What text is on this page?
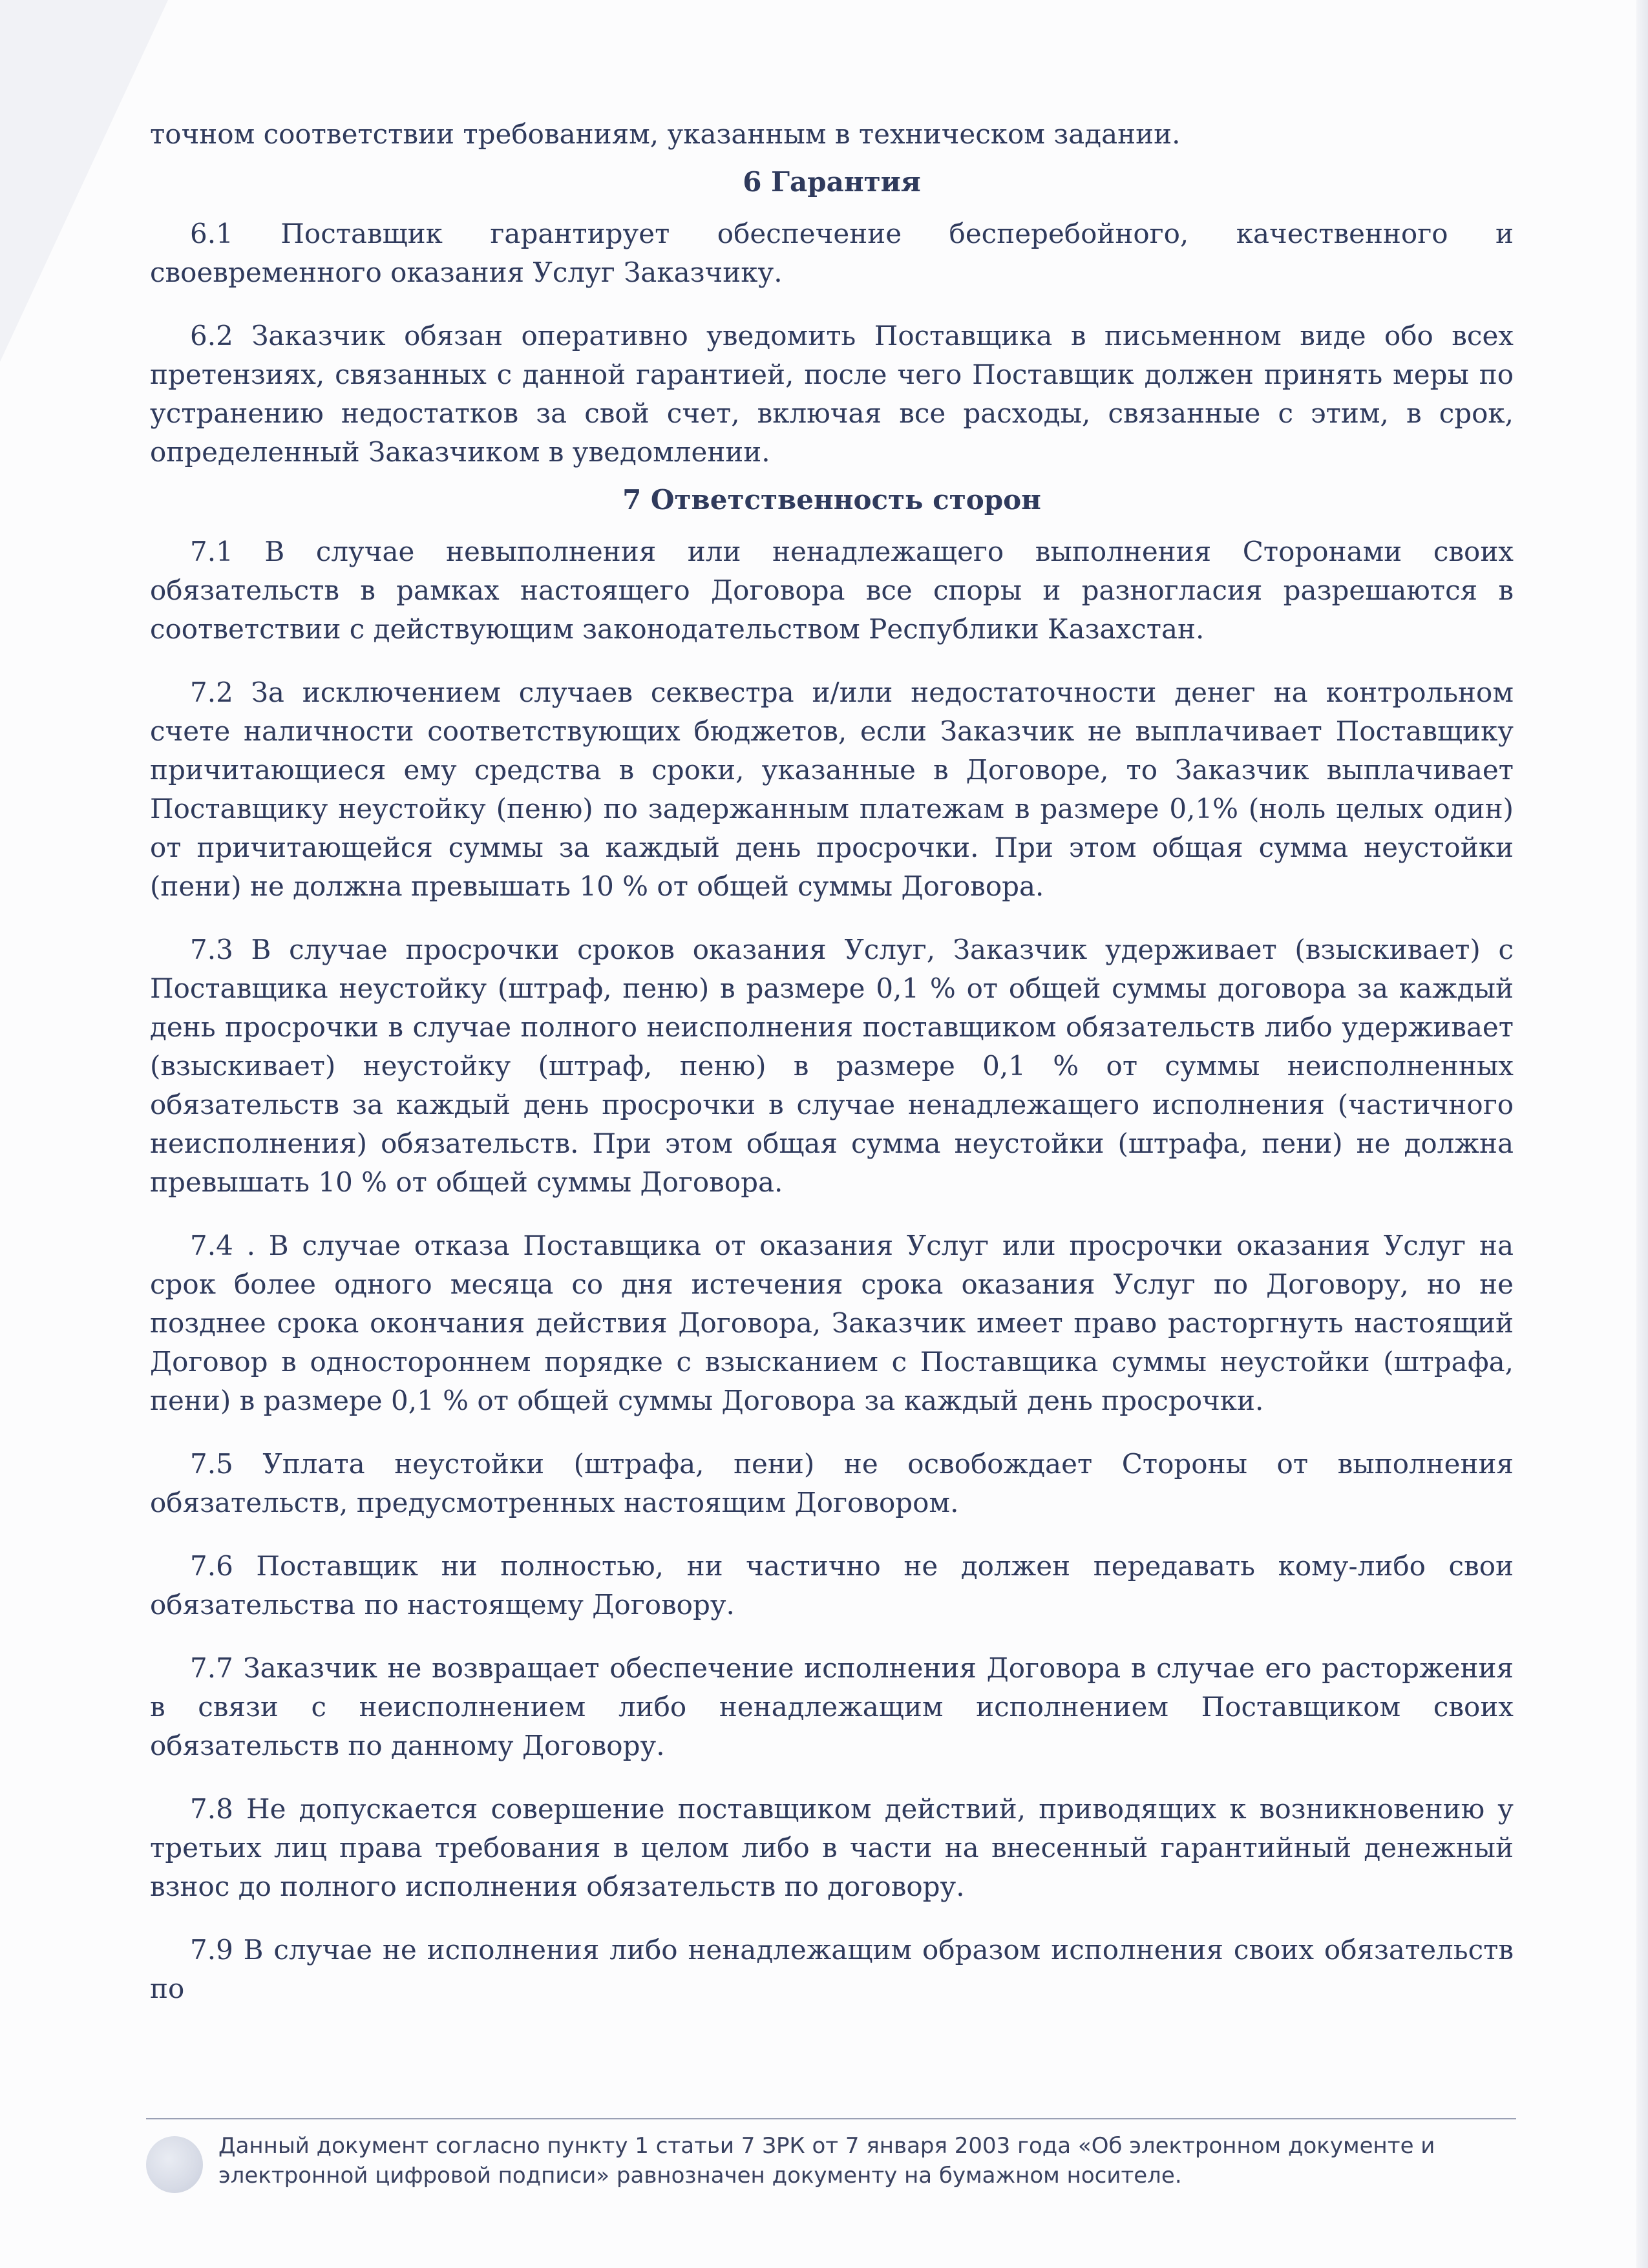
точном соответствии требованиям, указанным в техническом задании.

6 Гарантия

6.1 Поставщик гарантирует обеспечение бесперебойного, качественного и своевременного оказания Услуг Заказчику.

6.2 Заказчик обязан оперативно уведомить Поставщика в письменном виде обо всех претензиях, связанных с данной гарантией, после чего Поставщик должен принять меры по устранению недостатков за свой счет, включая все расходы, связанные с этим, в срок, определенный Заказчиком в уведомлении.

7 Ответственность сторон

7.1 В случае невыполнения или ненадлежащего выполнения Сторонами своих обязательств в рамках настоящего Договора все споры и разногласия разрешаются в соответствии с действующим законодательством Республики Казахстан.

7.2 За исключением случаев секвестра и/или недостаточности денег на контрольном счете наличности соответствующих бюджетов, если Заказчик не выплачивает Поставщику причитающиеся ему средства в сроки, указанные в Договоре, то Заказчик выплачивает Поставщику неустойку (пеню) по задержанным платежам в размере 0,1% (ноль целых один) от причитающейся суммы за каждый день просрочки. При этом общая сумма неустойки (пени) не должна превышать 10 % от общей суммы Договора.

7.3 В случае просрочки сроков оказания Услуг, Заказчик удерживает (взыскивает) с Поставщика неустойку (штраф, пеню) в размере 0,1 % от общей суммы договора за каждый день просрочки в случае полного неисполнения поставщиком обязательств либо удерживает (взыскивает) неустойку (штраф, пеню) в размере 0,1 % от суммы неисполненных обязательств за каждый день просрочки в случае ненадлежащего исполнения (частичного неисполнения) обязательств. При этом общая сумма неустойки (штрафа, пени) не должна превышать 10 % от общей суммы Договора.

7.4 . В случае отказа Поставщика от оказания Услуг или просрочки оказания Услуг на срок более одного месяца со дня истечения срока оказания Услуг по Договору, но не позднее срока окончания действия Договора, Заказчик имеет право расторгнуть настоящий Договор в одностороннем порядке с взысканием с Поставщика суммы неустойки (штрафа, пени) в размере 0,1 % от общей суммы Договора за каждый день просрочки.

7.5 Уплата неустойки (штрафа, пени) не освобождает Стороны от выполнения обязательств, предусмотренных настоящим Договором.

7.6 Поставщик ни полностью, ни частично не должен передавать кому-либо свои обязательства по настоящему Договору.

7.7 Заказчик не возвращает обеспечение исполнения Договора в случае его расторжения в связи с неисполнением либо ненадлежащим исполнением Поставщиком своих обязательств по данному Договору.

7.8 Не допускается совершение поставщиком действий, приводящих к возникновению у третьих лиц права требования в целом либо в части на внесенный гарантийный денежный взнос до полного исполнения обязательств по договору.

7.9 В случае не исполнения либо ненадлежащим образом исполнения своих обязательств по

Данный документ согласно пункту 1 статьи 7 ЗРК от 7 января 2003 года «Об электронном документе и
электронной цифровой подписи» равнозначен документу на бумажном носителе.
